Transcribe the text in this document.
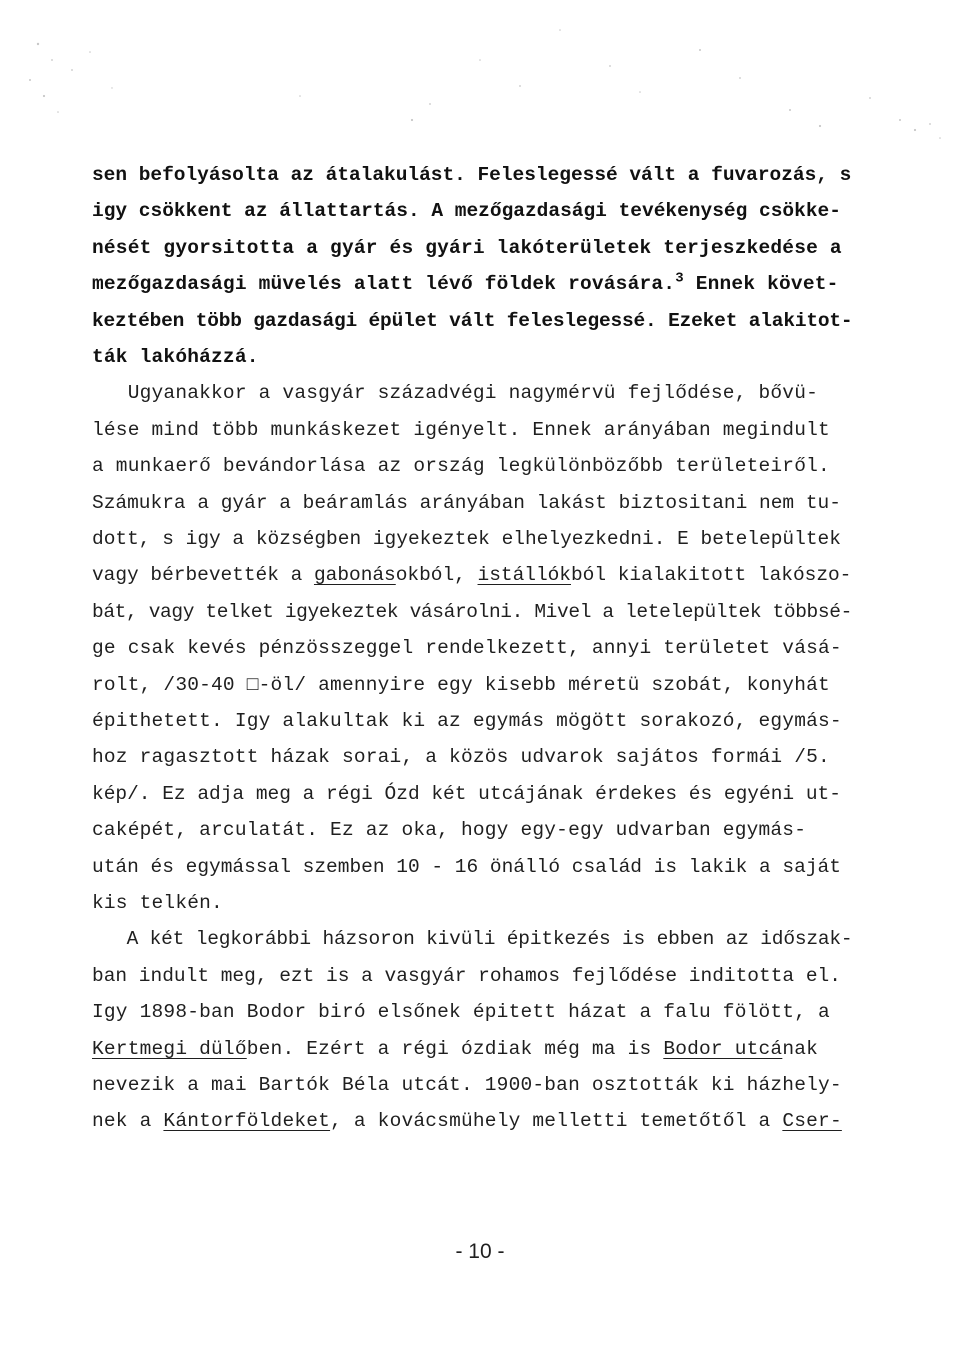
sen befolyásolta az átalakulást. Feleslegessé vált a fuvarozás, s
igy csökkent az állattartás. A mezőgazdasági tevékenység csökke-
nését gyorsitotta a gyár és gyári lakóterületek terjeszkedése a
mezőgazdasági müvelés alatt lévő földek rovására.$^3$ Ennek követ-
keztében több gazdasági épület vált feleslegessé. Ezeket alakitot-
ták lakóházzá.
Ugyanakkor a vasgyár századvégi nagymérvü fejlődése, bővü-
lése mind több munkáskezet igényelt. Ennek arányában megindult
a munkaerő bevándorlása az ország legkülönbözőbb területeiről.
Számukra a gyár a beáramlás arányában lakást biztositani nem tu-
dott, s igy a községben igyekeztek elhelyezkedni. E betelepültek
vagy bérbevették a gabonásokból, istállókból kialakitott lakószo-
bát, vagy telket igyekeztek vásárolni. Mivel a letelepültek többsé-
ge csak kevés pénzösszeggel rendelkezett, annyi területet vásá-
rolt, /30-40 □-öl/ amennyire egy kisebb méretü szobát, konyhát
épithetett. Igy alakultak ki az egymás mögött sorakozó, egymás-
hoz ragasztott házak sorai, a közös udvarok sajátos formái /5.
kép/. Ez adja meg a régi Ózd két utcájának érdekes és egyéni ut-
caképét, arculatát. Ez az oka, hogy egy-egy udvarban egymás-
után és egymással szemben 10 - 16 önálló család is lakik a saját
kis telkén.
A két legkorábbi házsoron kivüli épitkezés is ebben az időszak-
ban indult meg, ezt is a vasgyár rohamos fejlődése inditotta el.
Igy 1898-ban Bodor biró elsőnek épitett házat a falu fölött, a
Kertmegi dülőben. Ezért a régi ózdiak még ma is Bodor utcának
nevezik a mai Bartók Béla utcát. 1900-ban osztották ki házhely-
nek a Kántorföldeket, a kovácsmühely melletti temetőtől a Cser-
- 10 -
